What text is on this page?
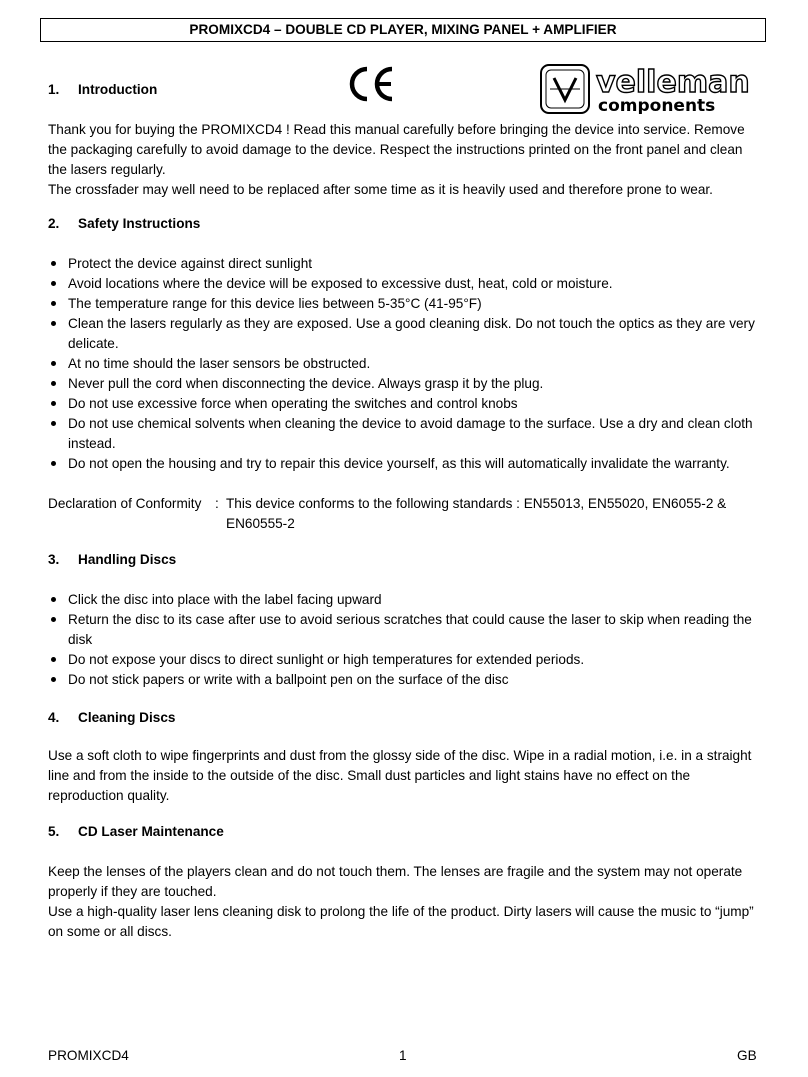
PROMIXCD4 – DOUBLE CD PLAYER, MIXING PANEL + AMPLIFIER
1. Introduction	velleman
components

Thank you for buying the PROMIXCD4 ! Read this manual carefully before bringing the device into service. Remove the packaging carefully to avoid damage to the device. Respect the instructions printed on the front panel and clean the lasers regularly.

The crossfader may well need to be replaced after some time as it is heavily used and therefore prone to wear.

2. Safety Instructions
Protect the device against direct sunlight
Avoid locations where the device will be exposed to excessive dust, heat, cold or moisture.
The temperature range for this device lies between 5-35°C (41-95°F)
Clean the lasers regularly as they are exposed. Use a good cleaning disk. Do not touch the optics as they are very delicate.
At no time should the laser sensors be obstructed.
Never pull the cord when disconnecting the device. Always grasp it by the plug.
Do not use excessive force when operating the switches and control knobs
Do not use chemical solvents when cleaning the device to avoid damage to the surface. Use a dry and clean cloth instead.
Do not open the housing and try to repair this device yourself, as this will automatically invalidate the warranty.
Declaration of Conformity : This device conforms to the following standards : EN55013, EN55020, EN6055-2 & EN60555-2
3. Handling Discs
Click the disc into place with the label facing upward
Return the disc to its case after use to avoid serious scratches that could cause the laser to skip when reading the disk
Do not expose your discs to direct sunlight or high temperatures for extended periods.
Do not stick papers or write with a ballpoint pen on the surface of the disc
4. Cleaning Discs

Use a soft cloth to wipe fingerprints and dust from the glossy side of the disc. Wipe in a radial motion, i.e. in a straight line and from the inside to the outside of the disc. Small dust particles and light stains have no effect on the reproduction quality.

5. CD Laser Maintenance

Keep the lenses of the players clean and do not touch them. The lenses are fragile and the system may not operate properly if they are touched.

Use a high-quality laser lens cleaning disk to prolong the life of the product. Dirty lasers will cause the music to “jump” on some or all discs.

PROMIXCD4	1	GB
